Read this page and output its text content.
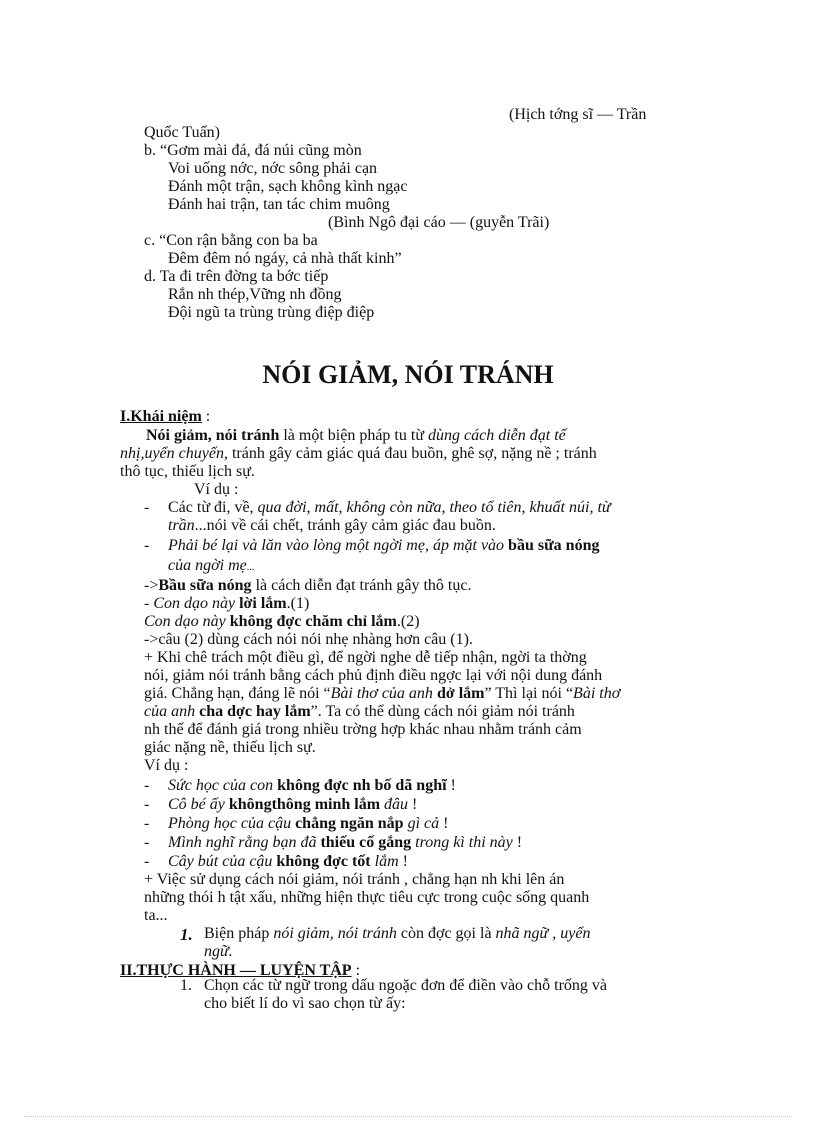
(Hịch tớng sĩ — Trần
Quốc Tuấn)
b. “Gơm mài đá, đá núi cũng mòn
Voi uống nớc, nớc sông phải cạn
Đánh một trận, sạch không kình ngạc
Đánh hai trận, tan tác chim muông
(Bình Ngô đại cáo — (guyễn Trãi)
c. “Con rận bằng con ba ba
Đêm đêm nó ngáy, cả nhà thất kinh”
d. Ta đi trên đờng ta bớc tiếp
Rắn nh thép,Vững nh đồng
Đội ngũ ta trùng trùng điệp điệp
NÓI GIẢM, NÓI TRÁNH
I.Khái niệm :
Nói giảm, nói tránh là một biện pháp tu từ dùng cách diễn đạt tế
nhị,uyển chuyển, tránh gây cảm giác quá đau buồn, ghê sợ, nặng nề ; tránh
thô tục, thiếu lịch sự.
Ví dụ :
- Các từ đi, về, qua đời, mất, không còn nữa, theo tổ tiên, khuất núi, từ
trần...nói về cái chết, tránh gây cảm giác đau buồn.
- Phải bé lại và lăn vào lòng một ngời mẹ, áp mặt vào bầu sữa nóng
của ngời mẹ...
->Bầu sữa nóng là cách diễn đạt tránh gây thô tục.
- Con dạo này lời lắm.(1)
Con dạo này không đợc chăm chỉ lắm.(2)
->câu (2) dùng cách nói nói nhẹ nhàng hơn câu (1).
+ Khi chê trách một điều gì, để ngời nghe dễ tiếp nhận, ngời ta thờng
nói, giảm nói tránh bằng cách phủ định điều ngợc lại với nội dung đánh
giá. Chẳng hạn, đáng lẽ nói “Bài thơ của anh dở lắm” Thì lại nói “Bài thơ
của anh cha dợc hay lắm”. Ta có thể dùng cách nói giảm nói tránh
nh thế để đánh giá trong nhiều trờng hợp khác nhau nhằm tránh cảm
giác nặng nề, thiếu lịch sự.
Ví dụ :
- Sức học của con không đợc nh bố dã nghĩ !
- Cô bé ấy khôngthông minh lắm đâu !
- Phòng học của cậu chẳng ngăn nắp gì cả !
- Mình nghĩ rằng bạn đã thiếu cố gắng trong kì thi này !
- Cây bút của cậu không đợc tốt lắm !
+ Việc sử dụng cách nói giảm, nói tránh , chẳng hạn nh khi lên án
những thói h tật xấu, những hiện thực tiêu cực trong cuộc sống quanh
ta...
1. Biện pháp nói giảm, nói tránh còn đợc gọi là nhã ngữ , uyển
ngữ.
II.THỰC HÀNH — LUYỆN TẬP :
1. Chọn các từ ngữ trong dấu ngoặc đơn để điền vào chỗ trống và
cho biết lí do vì sao chọn từ ấy:
